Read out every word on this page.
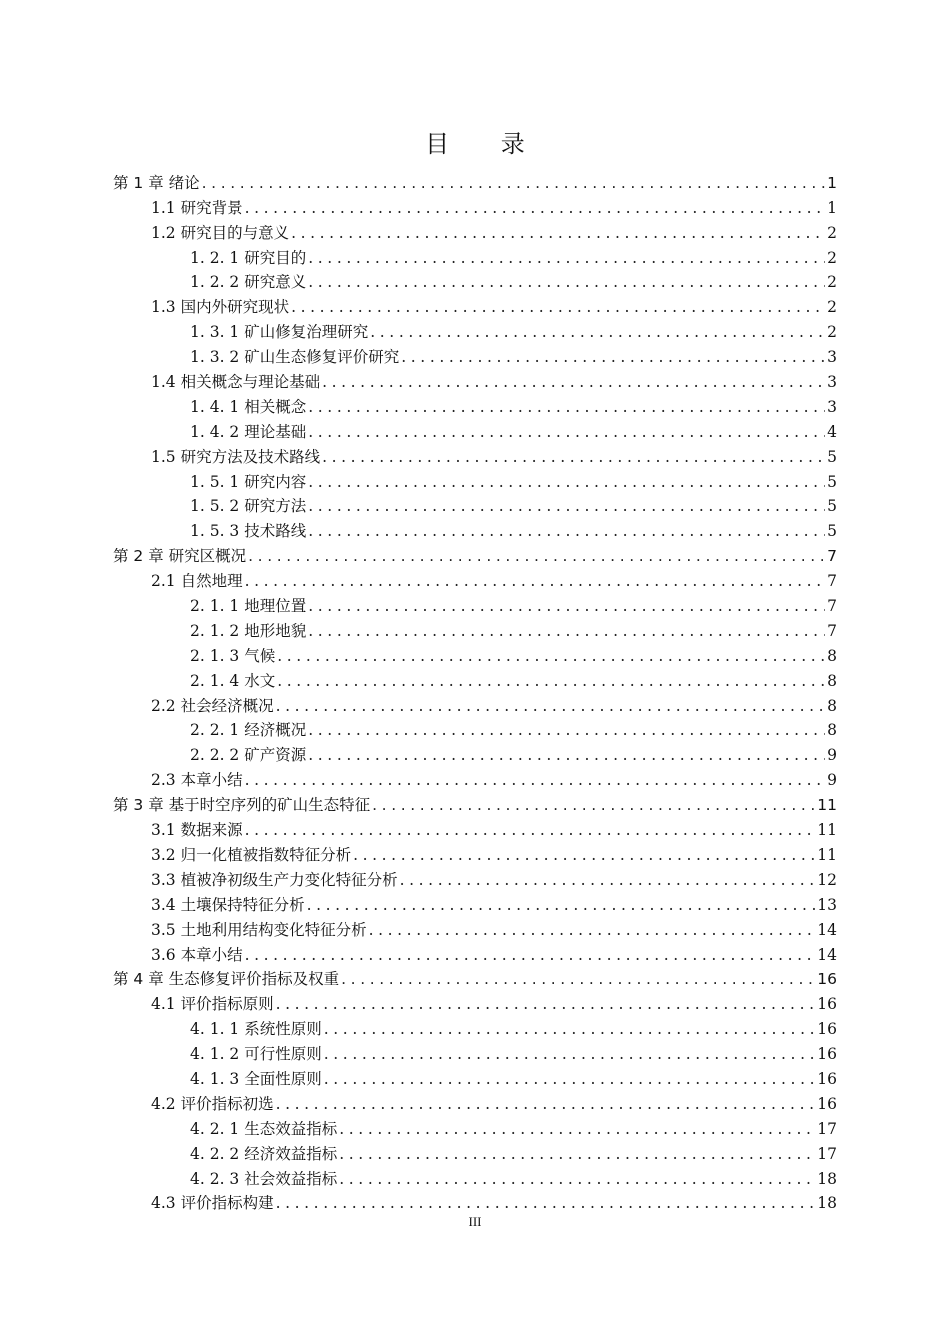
目 录
第 1 章 绪论 .....	1
1.1 研究背景 .....	1
1.2 研究目的与意义 .....	2
1. 2. 1 研究目的 .....	2
1. 2. 2 研究意义 .....	2
1.3 国内外研究现状 .....	2
1. 3. 1 矿山修复治理研究 .....	2
1. 3. 2 矿山生态修复评价研究 .....	3
1.4 相关概念与理论基础 .....	3
1. 4. 1 相关概念 .....	3
1. 4. 2 理论基础 .....	4
1.5 研究方法及技术路线 .....	5
1. 5. 1 研究内容 .....	5
1. 5. 2 研究方法 .....	5
1. 5. 3 技术路线 .....	5
第 2 章 研究区概况 .....	7
2.1 自然地理 .....	7
2. 1. 1 地理位置 .....	7
2. 1. 2 地形地貌 .....	7
2. 1. 3 气候 .....	8
2. 1. 4 水文 .....	8
2.2 社会经济概况 .....	8
2. 2. 1 经济概况 .....	8
2. 2. 2 矿产资源 .....	9
2.3 本章小结 .....	9
第 3 章 基于时空序列的矿山生态特征 .....	11
3.1 数据来源 .....	11
3.2 归一化植被指数特征分析 .....	11
3.3 植被净初级生产力变化特征分析 .....	12
3.4 土壤保持特征分析 .....	13
3.5 土地利用结构变化特征分析 .....	14
3.6 本章小结 .....	14
第 4 章 生态修复评价指标及权重 .....	16
4.1 评价指标原则 .....	16
4. 1. 1 系统性原则 .....	16
4. 1. 2 可行性原则 .....	16
4. 1. 3 全面性原则 .....	16
4.2 评价指标初选 .....	16
4. 2. 1 生态效益指标 .....	17
4. 2. 2 经济效益指标 .....	17
4. 2. 3 社会效益指标 .....	18
4.3 评价指标构建 .....	18
III
